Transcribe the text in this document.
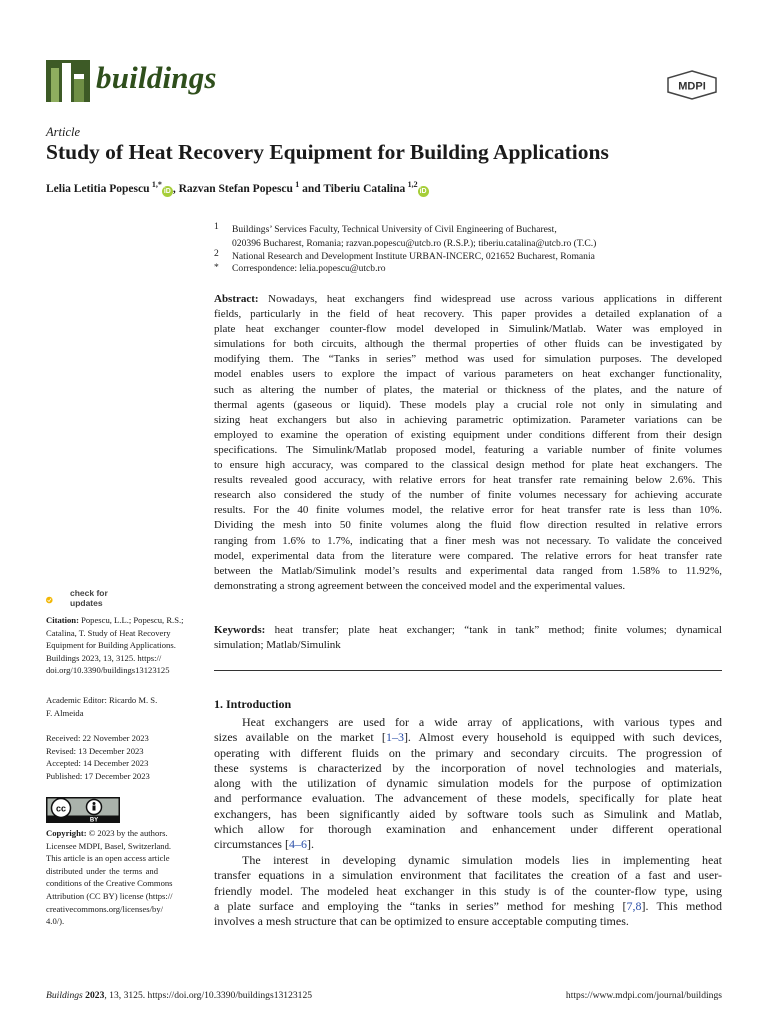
buildings	MDPI
Article
Study of Heat Recovery Equipment for Building Applications
Lelia Letitia Popescu  $^{1,*}$iD , Razvan Stefan Popescu  $^1$ and Tiberiu Catalina  $^{1,2}$iD
1 Buildings’ Services Faculty, Technical University of Civil Engineering of Bucharest,
020396 Bucharest, Romania; razvan.popescu@utcb.ro (R.S.P.); tiberiu.catalina@utcb.ro (T.C.)
2 National Research and Development Institute URBAN-INCERC, 021652 Bucharest, Romania
* Correspondence: lelia.popescu@utcb.ro
Abstract: Nowadays, heat exchangers find widespread use across various applications in different
fields, particularly in the field of heat recovery. This paper provides a detailed explanation of a
plate heat exchanger counter-flow model developed in Simulink/Matlab. Water was employed in
simulations for both circuits, although the thermal properties of other fluids can be investigated by
modifying them. The “Tanks in series” method was used for simulation purposes. The developed
model enables users to explore the impact of various parameters on heat exchanger functionality,
such as altering the number of plates, the material or thickness of the plates, and the nature of
thermal agents (gaseous or liquid). These models play a crucial role not only in simulating and
sizing heat exchangers but also in achieving parametric optimization. Parameter variations can be
employed to examine the operation of existing equipment under conditions different from their design
specifications. The Simulink/Matlab proposed model, featuring a variable number of finite volumes
to ensure high accuracy, was compared to the classical design method for plate heat exchangers. The
results revealed good accuracy, with relative errors for heat transfer rate remaining below 2.6%. This
research also considered the study of the number of finite volumes necessary for achieving accurate
results. For the 40 finite volumes model, the relative error for heat transfer rate is less than 10%.
Dividing the mesh into 50 finite volumes along the fluid flow direction resulted in relative errors
ranging from 1.6% to 1.7%, indicating that a finer mesh was not necessary. To validate the conceived
model, experimental data from the literature were compared. The relative errors for heat transfer rate
between the Matlab/Simulink model’s results and experimental data ranged from 1.58% to 11.92%,
demonstrating a strong agreement between the conceived model and the experimental values.
Keywords: heat transfer; plate heat exchanger; “tank in tank” method; finite volumes; dynamical
simulation; Matlab/Simulink
1. Introduction
Heat exchangers are used for a wide array of applications, with various types and
sizes available on the market [1–3]. Almost every household is equipped with such devices,
operating with different fluids on the primary and secondary circuits. The progression of
these systems is characterized by the incorporation of novel technologies and materials,
along with the utilization of dynamic simulation models for the purpose of optimization
and performance evaluation. The advancement of these models, specifically for plate heat
exchangers, has been significantly aided by software tools such as Simulink and Matlab,
which allow for thorough examination and enhancement under different operational
circumstances [4–6].
The interest in developing dynamic simulation models lies in implementing heat
transfer equations in a simulation environment that facilitates the creation of a fast and user-
friendly model. The modeled heat exchanger in this study is of the counter-flow type, using
a plate surface and employing the “tanks in series” method for meshing [7,8]. This method
involves a mesh structure that can be optimized to ensure acceptable computing times.
check for
updates
Citation: Popescu, L.L.; Popescu, R.S.;
Catalina, T. Study of Heat Recovery
Equipment for Building Applications.
Buildings 2023, 13, 3125. https://
doi.org/10.3390/buildings13123125
Academic Editor: Ricardo M. S.
F. Almeida
Received: 22 November 2023
Revised: 13 December 2023
Accepted: 14 December 2023
Published: 17 December 2023
cc
BY
Copyright: © 2023 by the authors.
Licensee MDPI, Basel, Switzerland.
This article is an open access article
distributed under the terms and
conditions of the Creative Commons
Attribution (CC BY) license (https://
creativecommons.org/licenses/by/
4.0/).
Buildings 2023, 13, 3125. https://doi.org/10.3390/buildings13123125	https://www.mdpi.com/journal/buildings
